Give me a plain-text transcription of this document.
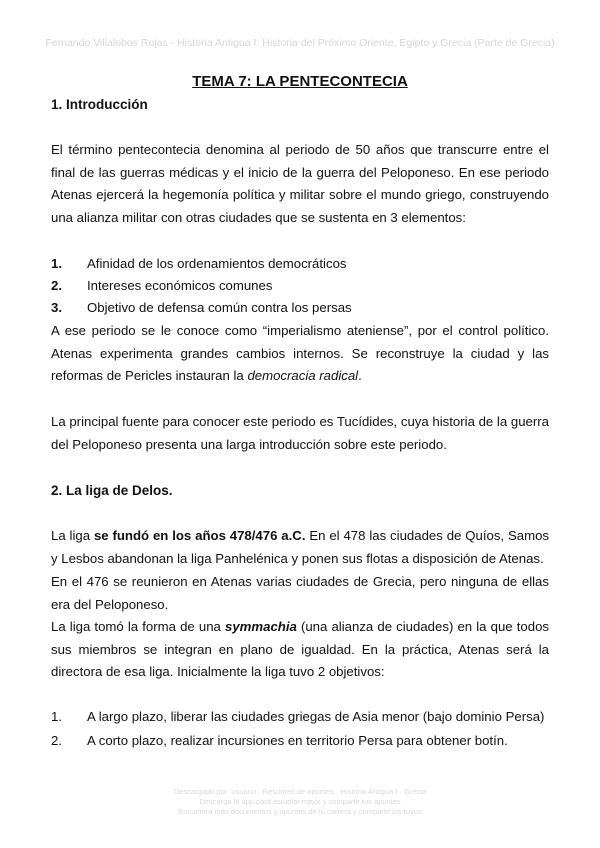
Fernando Villalobos Rojas - Historia Antigua I: Historia del Próximo Oriente, Egipto y Grecia (Parte de Grecia)
TEMA 7: LA PENTECONTECIA
1. Introducción
El término pentecontecia denomina al periodo de 50 años que transcurre entre el final de las guerras médicas y el inicio de la guerra del Peloponeso. En ese periodo Atenas ejercerá la hegemonía política y militar sobre el mundo griego, construyendo una alianza militar con otras ciudades que se sustenta en 3 elementos:
1. Afinidad de los ordenamientos democráticos
2. Intereses económicos comunes
3. Objetivo de defensa común contra los persas
A ese periodo se le conoce como “imperialismo ateniense”, por el control político. Atenas experimenta grandes cambios internos. Se reconstruye la ciudad y las reformas de Pericles instauran la democracia radical.
La principal fuente para conocer este periodo es Tucídides, cuya historia de la guerra del Peloponeso presenta una larga introducción sobre este periodo.
2. La liga de Delos.
La liga se fundó en los años 478/476 a.C. En el 478 las ciudades de Quíos, Samos y Lesbos abandonan la liga Panhelénica y ponen sus flotas a disposición de Atenas.
En el 476 se reunieron en Atenas varias ciudades de Grecia, pero ninguna de ellas era del Peloponeso.
La liga tomó la forma de una symmachia (una alianza de ciudades) en la que todos sus miembros se integran en plano de igualdad. En la práctica, Atenas será la directora de esa liga. Inicialmente la liga tuvo 2 objetivos:
1. A largo plazo, liberar las ciudades griegas de Asia menor (bajo dominio Persa)
2. A corto plazo, realizar incursiones en territorio Persa para obtener botín.
Descargado por: usuario · Resumen de apuntes · Historia Antigua I · Grecia
Descarga la app para estudiar mejor y compartir tus apuntes
Encuentra más documentos y apuntes de tu carrera y comparte los tuyos
